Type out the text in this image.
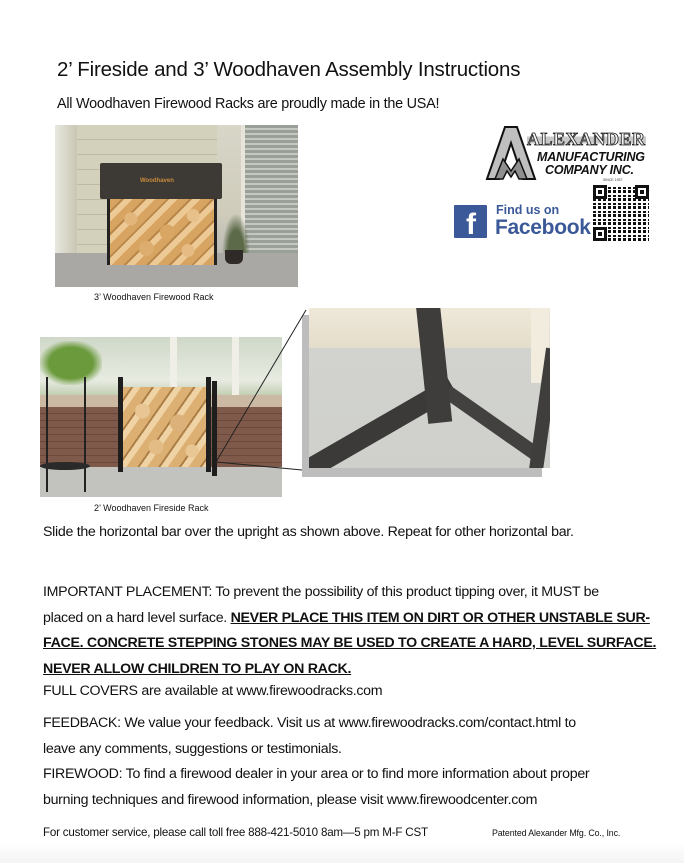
2’ Fireside and 3’ Woodhaven Assembly Instructions
All Woodhaven Firewood Racks are proudly made in the USA!
Woodhaven
3’ Woodhaven Firewood Rack
ALEXANDER
MANUFACTURING
COMPANY INC.
SINCE 1937
f Find us on
Facebook
2’ Woodhaven Fireside Rack
Slide the horizontal bar over the upright as shown above. Repeat for other horizontal bar.
IMPORTANT PLACEMENT: To prevent the possibility of this product tipping over, it MUST be
placed on a hard level surface. NEVER PLACE THIS ITEM ON DIRT OR OTHER UNSTABLE SUR-
FACE. CONCRETE STEPPING STONES MAY BE USED TO CREATE A HARD, LEVEL SURFACE.
NEVER ALLOW CHILDREN TO PLAY ON RACK.
FULL COVERS are available at www.firewoodracks.com
FEEDBACK: We value your feedback. Visit us at www.firewoodracks.com/contact.html to
leave any comments, suggestions or testimonials.
FIREWOOD: To find a firewood dealer in your area or to find more information about proper
burning techniques and firewood information, please visit www.firewoodcenter.com
For customer service, please call toll free 888-421-5010 8am—5 pm M-F CST	Patented Alexander Mfg. Co., Inc.
